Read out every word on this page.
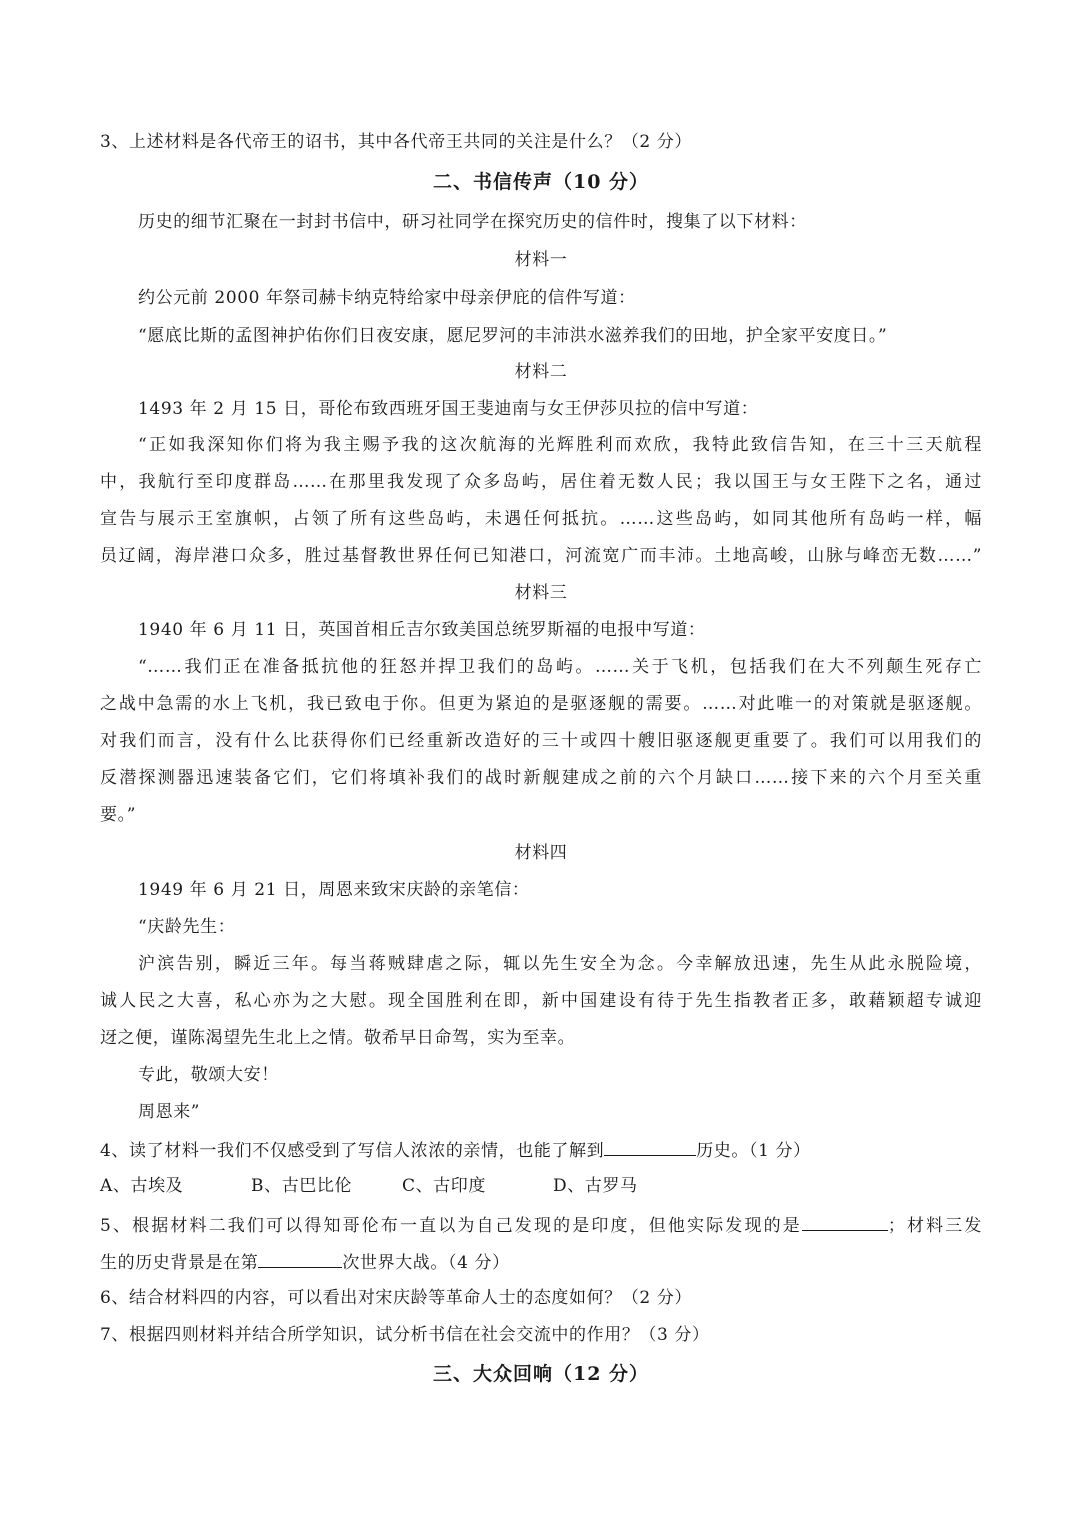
3、上述材料是各代帝王的诏书，其中各代帝王共同的关注是什么？（2 分）
二、书信传声（10 分）
历史的细节汇聚在一封封书信中，研习社同学在探究历史的信件时，搜集了以下材料：
材料一
约公元前 2000 年祭司赫卡纳克特给家中母亲伊庇的信件写道：
“愿底比斯的孟图神护佑你们日夜安康，愿尼罗河的丰沛洪水滋养我们的田地，护全家平安度日。”
材料二
1493 年 2 月 15 日，哥伦布致西班牙国王斐迪南与女王伊莎贝拉的信中写道：
“正如我深知你们将为我主赐予我的这次航海的光辉胜利而欢欣，我特此致信告知，在三十三天航程
中，我航行至印度群岛……在那里我发现了众多岛屿，居住着无数人民；我以国王与女王陛下之名，通过
宣告与展示王室旗帜，占领了所有这些岛屿，未遇任何抵抗。……这些岛屿，如同其他所有岛屿一样，幅
员辽阔，海岸港口众多，胜过基督教世界任何已知港口，河流宽广而丰沛。土地高峻，山脉与峰峦无数……”
材料三
1940 年 6 月 11 日，英国首相丘吉尔致美国总统罗斯福的电报中写道：
“……我们正在准备抵抗他的狂怒并捍卫我们的岛屿。……关于飞机，包括我们在大不列颠生死存亡
之战中急需的水上飞机，我已致电于你。但更为紧迫的是驱逐舰的需要。……对此唯一的对策就是驱逐舰。
对我们而言，没有什么比获得你们已经重新改造好的三十或四十艘旧驱逐舰更重要了。我们可以用我们的
反潜探测器迅速装备它们，它们将填补我们的战时新舰建成之前的六个月缺口……接下来的六个月至关重
要。”
材料四
1949 年 6 月 21 日，周恩来致宋庆龄的亲笔信：
“庆龄先生：
沪滨告别，瞬近三年。每当蒋贼肆虐之际，辄以先生安全为念。今幸解放迅速，先生从此永脱险境，
诚人民之大喜，私心亦为之大慰。现全国胜利在即，新中国建设有待于先生指教者正多，敢藉颖超专诚迎
迓之便，谨陈渴望先生北上之情。敬希早日命驾，实为至幸。
专此，敬颂大安！
周恩来”
4、读了材料一我们不仅感受到了写信人浓浓的亲情，也能了解到	历史。（1 分）
A、古埃及	B、古巴比伦	C、古印度	D、古罗马
5、根据材料二我们可以得知哥伦布一直以为自己发现的是印度，但他实际发现的是	；材料三发
生的历史背景是在第	次世界大战。（4 分）
6、结合材料四的内容，可以看出对宋庆龄等革命人士的态度如何？（2 分）
7、根据四则材料并结合所学知识，试分析书信在社会交流中的作用？（3 分）
三、大众回响（12 分）
